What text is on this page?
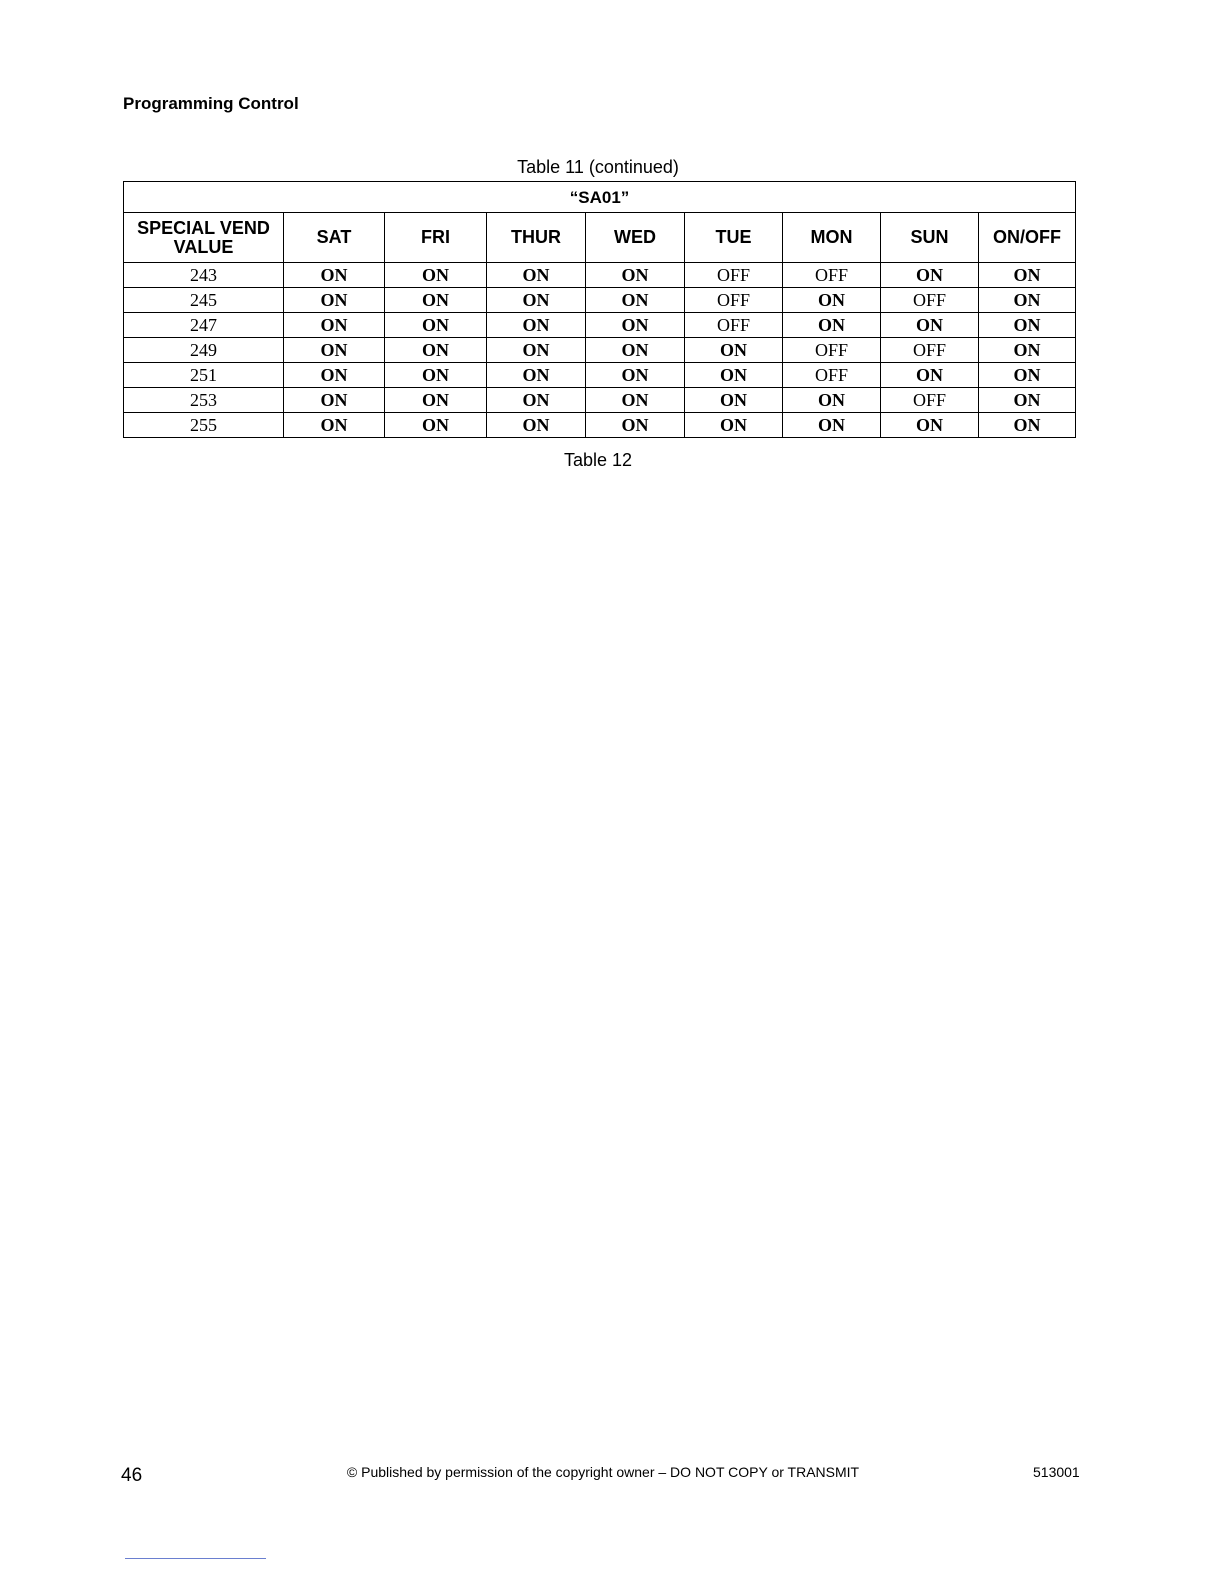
Programming Control
Table 11 (continued)
“SA01”								
SPECIAL VEND VALUE	SAT	FRI	THUR	WED	TUE	MON	SUN	ON/OFF
243	ON	ON	ON	ON	OFF	OFF	ON	ON
245	ON	ON	ON	ON	OFF	ON	OFF	ON
247	ON	ON	ON	ON	OFF	ON	ON	ON
249	ON	ON	ON	ON	ON	OFF	OFF	ON
251	ON	ON	ON	ON	ON	OFF	ON	ON
253	ON	ON	ON	ON	ON	ON	OFF	ON
255	ON	ON	ON	ON	ON	ON	ON	ON
Table 12
46	© Published by permission of the copyright owner – DO NOT COPY or TRANSMIT	513001
